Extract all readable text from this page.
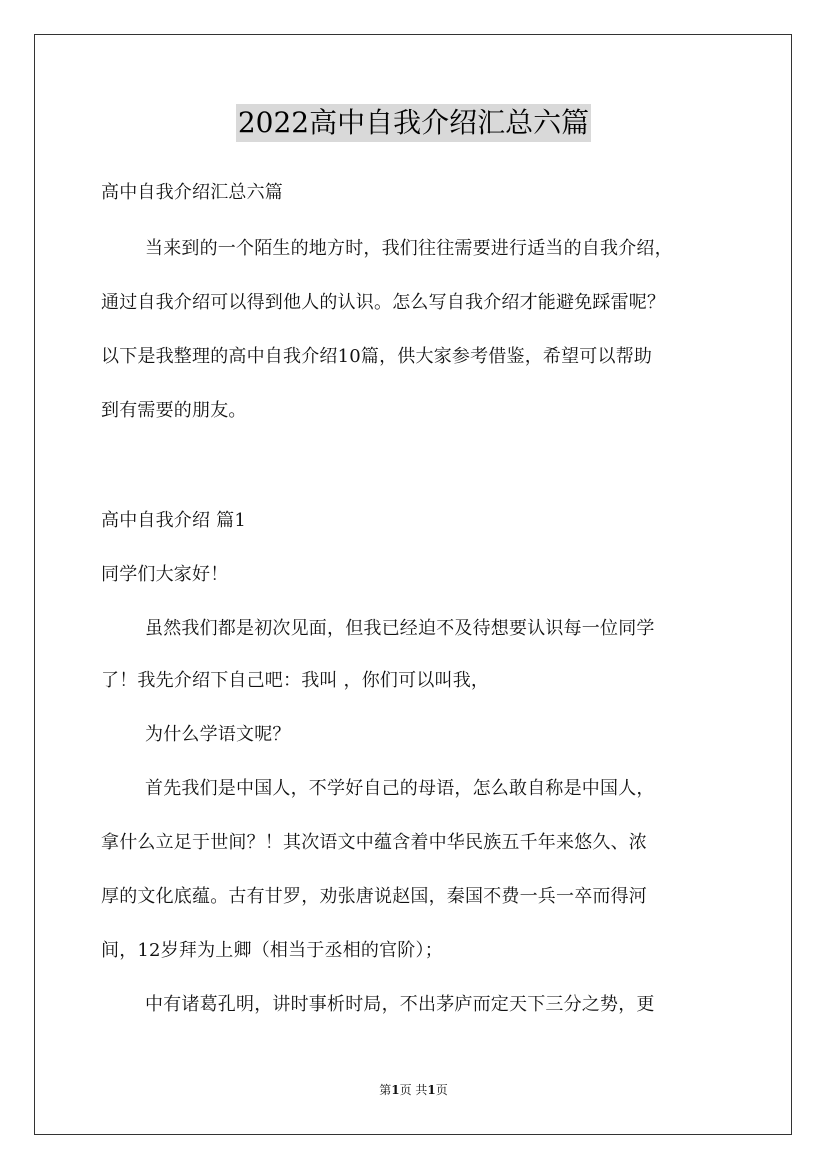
2022高中自我介绍汇总六篇
高中自我介绍汇总六篇
当来到的一个陌生的地方时，我们往往需要进行适当的自我介绍，
通过自我介绍可以得到他人的认识。怎么写自我介绍才能避免踩雷呢？
以下是我整理的高中自我介绍10篇，供大家参考借鉴，希望可以帮助
到有需要的朋友。
高中自我介绍 篇1
同学们大家好！
虽然我们都是初次见面，但我已经迫不及待想要认识每一位同学
了！我先介绍下自己吧：我叫 ，你们可以叫我，
为什么学语文呢？
首先我们是中国人，不学好自己的母语，怎么敢自称是中国人，
拿什么立足于世间？！其次语文中蕴含着中华民族五千年来悠久、浓
厚的文化底蕴。古有甘罗，劝张唐说赵国，秦国不费一兵一卒而得河
间，12岁拜为上卿（相当于丞相的官阶）；
中有诸葛孔明，讲时事析时局，不出茅庐而定天下三分之势，更
第1页 共1页
